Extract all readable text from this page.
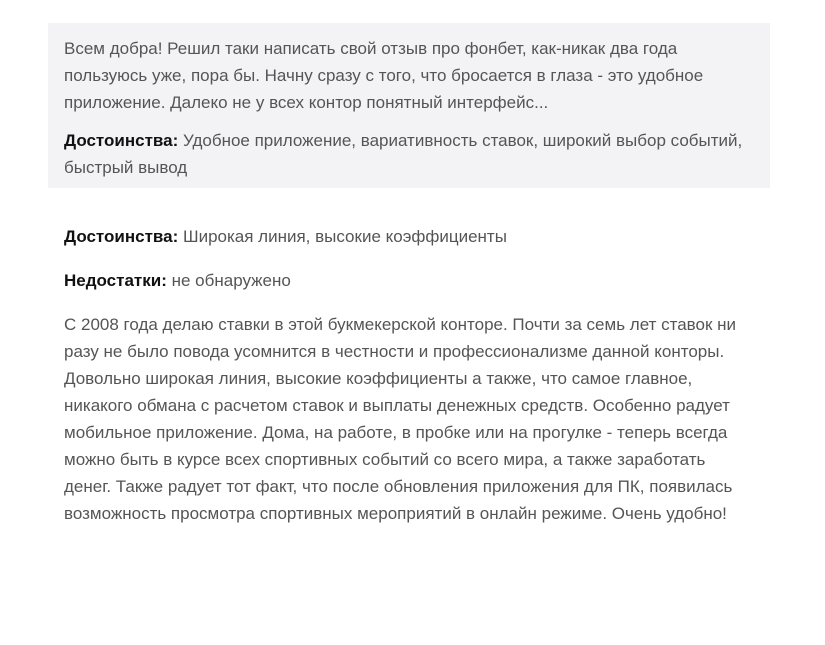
Всем добра! Решил таки написать свой отзыв про фонбет, как-никак два года пользуюсь уже, пора бы. Начну сразу с того, что бросается в глаза - это удобное приложение. Далеко не у всех контор понятный интерфейс...

Достоинства: Удобное приложение, вариативность ставок, широкий выбор событий, быстрый вывод

Достоинства: Широкая линия, высокие коэффициенты

Недостатки: не обнаружено

С 2008 года делаю ставки в этой букмекерской конторе. Почти за семь лет ставок ни разу не было повода усомнится в честности и профессионализме данной конторы. Довольно широкая линия, высокие коэффициенты а также, что самое главное, никакого обмана с расчетом ставок и выплаты денежных средств. Особенно радует мобильное приложение. Дома, на работе, в пробке или на прогулке - теперь всегда можно быть в курсе всех спортивных событий со всего мира, а также заработать денег. Также радует тот факт, что после обновления приложения для ПК, появилась возможность просмотра спортивных мероприятий в онлайн режиме. Очень удобно!
